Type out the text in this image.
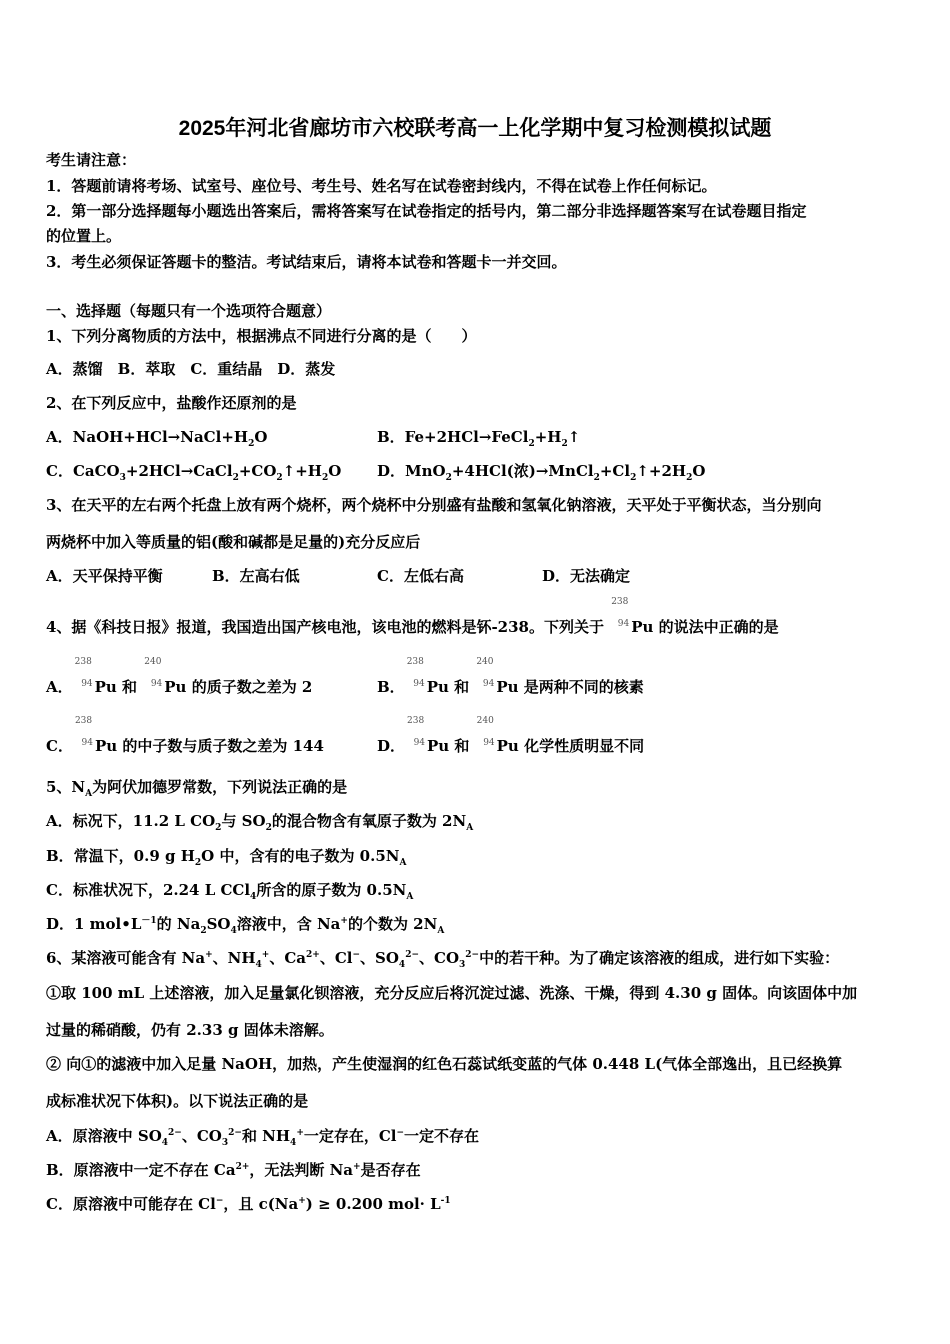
2025年河北省廊坊市六校联考高一上化学期中复习检测模拟试题
考生请注意：
1．答题前请将考场、试室号、座位号、考生号、姓名写在试卷密封线内，不得在试卷上作任何标记。
2．第一部分选择题每小题选出答案后，需将答案写在试卷指定的括号内，第二部分非选择题答案写在试卷题目指定
的位置上。
3．考生必须保证答题卡的整洁。考试结束后，请将本试卷和答题卡一并交回。
一、选择题（每题只有一个选项符合题意）
1、下列分离物质的方法中，根据沸点不同进行分离的是（　　）
A．蒸馏　B．萃取　C．重结晶　D．蒸发
2、在下列反应中，盐酸作还原剂的是
A．$NaOH+HCl\to NaCl+H_2O$	B．$Fe+2HCl\to FeCl_2+H_2↑$
C．$CaCO_3+2HCl\to CaCl_2+CO_2↑+H_2O$ D．MnO$_2$+4HCl(浓)$\to MnCl_2+Cl_2↑+2H_2O$
3、在天平的左右两个托盘上放有两个烧杯，两个烧杯中分别盛有盐酸和氢氧化钠溶液，天平处于平衡状态，当分别向
两烧杯中加入等质量的铝(酸和碱都是足量的)充分反应后
A．天平保持平衡	B．左高右低	C．左低右高	D．无法确定
4、据《科技日报》报道，我国造出国产核电池，该电池的燃料是钚-238。下列关于
238
94 Pu 的说法中正确的是
A．
238
94 Pu 和
240
94 Pu 的质子数之差为 2	B．
238
94 Pu 和
240
94 Pu 是两种不同的核素
C．
238
94 Pu 的中子数与质子数之差为 144	D．
238
94 Pu 和
240
94 Pu 化学性质明显不同
5、$N_A$为阿伏加德罗常数，下列说法正确的是
A．标况下，11.2 L $CO_2$与 $SO_2$的混合物含有氧原子数为 $2N_A$
B．常温下，0.9 g $H_2O$ 中，含有的电子数为 $0.5N_A$
C．标准状况下，2.24 L CCl$_4$所含的原子数为 $0.5N_A$
D．1 $mol•L^{-1}$的 $Na_2SO_4$溶液中，含 Na+的个数为 $2N_A$
6、某溶液可能含有 Na+、$NH_4^+$、$Ca^{2+}$、Cl−、$SO_4^{2-}$、$CO_3^{2-}$中的若干种。为了确定该溶液的组成，进行如下实验：
①取 100 mL 上述溶液，加入足量氯化钡溶液，充分反应后将沉淀过滤、洗涤、干燥，得到 4.30 g 固体。向该固体中加
过量的稀硝酸，仍有 2.33 g 固体未溶解。
② 向①的滤液中加入足量 NaOH，加热，产生使湿润的红色石蕊试纸变蓝的气体 0.448 L(气体全部逸出，且已经换算
成标准状况下体积)。以下说法正确的是
A．原溶液中 $SO_4^{2-}$、$CO_3^{2-}$和 $NH_4^+$一定存在，Cl−一定不存在
B．原溶液中一定不存在 $Ca^{2+}$，无法判断 Na+是否存在
C．原溶液中可能存在 Cl−，且 c(Na+) ≥ 0.200 $mol\cdot L^{-1}$
